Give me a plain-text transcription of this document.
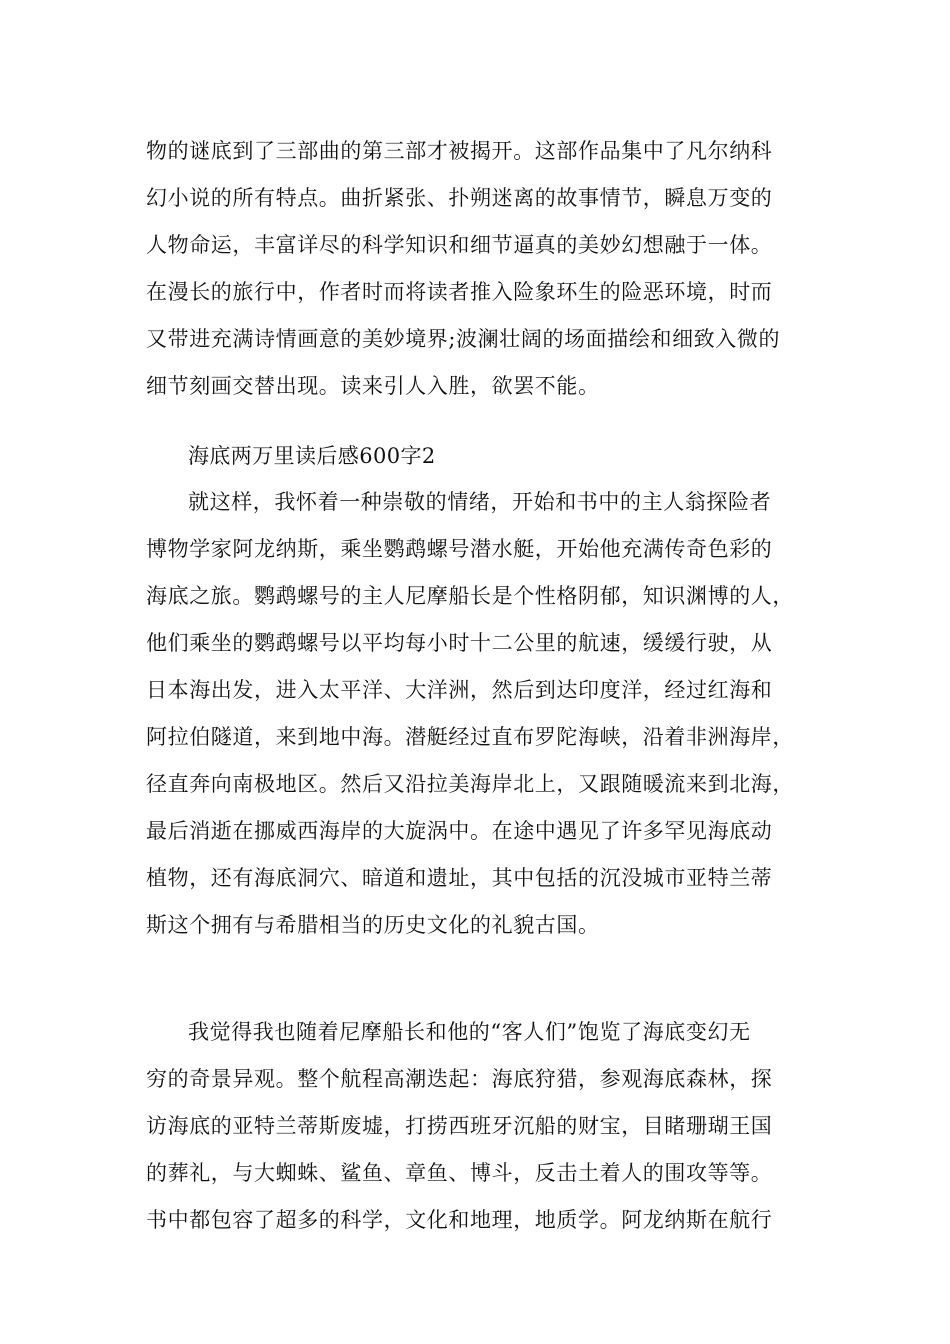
物的谜底到了三部曲的第三部才被揭开。这部作品集中了凡尔纳科
幻小说的所有特点。曲折紧张、扑朔迷离的故事情节，瞬息万变的
人物命运，丰富详尽的科学知识和细节逼真的美妙幻想融于一体。
在漫长的旅行中，作者时而将读者推入险象环生的险恶环境，时而
又带进充满诗情画意的美妙境界;波澜壮阔的场面描绘和细致入微的
细节刻画交替出现。读来引人入胜，欲罢不能。
海底两万里读后感600字2
就这样，我怀着一种崇敬的情绪，开始和书中的主人翁探险者
博物学家阿龙纳斯，乘坐鹦鹉螺号潜水艇，开始他充满传奇色彩的
海底之旅。鹦鹉螺号的主人尼摩船长是个性格阴郁，知识渊博的人，
他们乘坐的鹦鹉螺号以平均每小时十二公里的航速，缓缓行驶，从
日本海出发，进入太平洋、大洋洲，然后到达印度洋，经过红海和
阿拉伯隧道，来到地中海。潜艇经过直布罗陀海峡，沿着非洲海岸，
径直奔向南极地区。然后又沿拉美海岸北上，又跟随暖流来到北海，
最后消逝在挪威西海岸的大旋涡中。在途中遇见了许多罕见海底动
植物，还有海底洞穴、暗道和遗址，其中包括的沉没城市亚特兰蒂
斯这个拥有与希腊相当的历史文化的礼貌古国。
我觉得我也随着尼摩船长和他的“客人们”饱览了海底变幻无
穷的奇景异观。整个航程高潮迭起：海底狩猎，参观海底森林，探
访海底的亚特兰蒂斯废墟，打捞西班牙沉船的财宝，目睹珊瑚王国
的葬礼，与大蜘蛛、鲨鱼、章鱼、博斗，反击土着人的围攻等等。
书中都包容了超多的科学，文化和地理，地质学。阿龙纳斯在航行
